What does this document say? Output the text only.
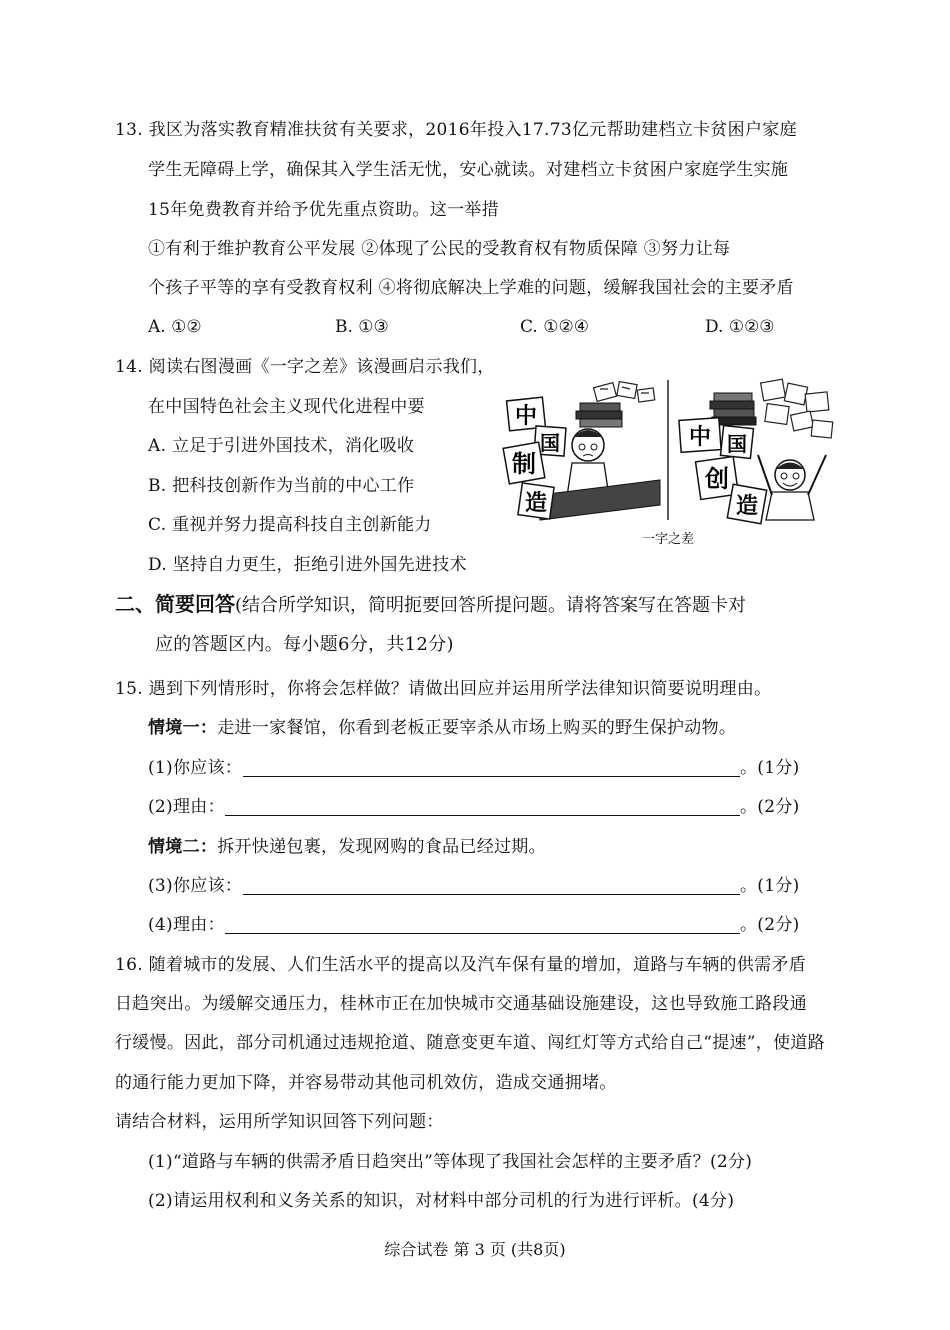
13. 我区为落实教育精准扶贫有关要求，2016年投入17.73亿元帮助建档立卡贫困户家庭
学生无障碍上学，确保其入学生活无忧，安心就读。对建档立卡贫困户家庭学生实施
15年免费教育并给予优先重点资助。这一举措
①有利于维护教育公平发展 ②体现了公民的受教育权有物质保障 ③努力让每
个孩子平等的享有受教育权利 ④将彻底解决上学难的问题，缓解我国社会的主要矛盾
A. ①②	B. ①③	C. ①②④	D. ①②③
14. 阅读右图漫画《一字之差》该漫画启示我们，
在中国特色社会主义现代化进程中要
A. 立足于引进外国技术，消化吸收
B. 把科技创新作为当前的中心工作
C. 重视并努力提高科技自主创新能力
D. 坚持自力更生，拒绝引进外国先进技术
中
国
制
造
中 国
创
造
一字之差
二、简要回答(结合所学知识，简明扼要回答所提问题。请将答案写在答题卡对
应的答题区内。每小题6分，共12分)
15. 遇到下列情形时，你将会怎样做？请做出回应并运用所学法律知识简要说明理由。
情境一：走进一家餐馆，你看到老板正要宰杀从市场上购买的野生保护动物。
(1)你应该：	。(1分)
(2)理由：	。(2分)
情境二：拆开快递包裹，发现网购的食品已经过期。
(3)你应该：	。(1分)
(4)理由：	。(2分)
16. 随着城市的发展、人们生活水平的提高以及汽车保有量的增加，道路与车辆的供需矛盾
日趋突出。为缓解交通压力，桂林市正在加快城市交通基础设施建设，这也导致施工路段通
行缓慢。因此，部分司机通过违规抢道、随意变更车道、闯红灯等方式给自己“提速”，使道路
的通行能力更加下降，并容易带动其他司机效仿，造成交通拥堵。
请结合材料，运用所学知识回答下列问题：
(1)“道路与车辆的供需矛盾日趋突出”等体现了我国社会怎样的主要矛盾？(2分)
(2)请运用权利和义务关系的知识，对材料中部分司机的行为进行评析。(4分)
综合试卷 第 3 页 (共8页)
